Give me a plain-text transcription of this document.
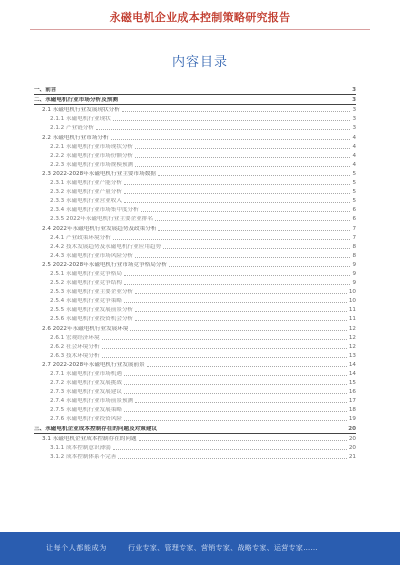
永磁电机企业成本控制策略研究报告
内容目录
一、前言	3
二、永磁电机行业市场分析及预测	3
2.1 永磁电机行业发展现状分析	3
2.1.1 永磁电机行业现状	3
2.1.2 产业链分析	3
2.2 永磁电机行业市场分析	4
2.2.1 永磁电机行业市场现状分析	4
2.2.2 永磁电机行业市场份额分析	4
2.2.3 永磁电机行业市场规模预测	4
2.3 2022-2028年永磁电机行业主要市场数据	5
2.3.1 永磁电机行业产能分析	5
2.3.2 永磁电机行业产量分析	5
2.3.3 永磁电机行业营业收入	5
2.3.4 永磁电机行业市场集中度分析	6
2.3.5 2022年永磁电机行业主要企业排名	6
2.4 2022年永磁电机行业发展趋势及政策分析	7
2.4.1 产业政策环境分析	7
2.4.2 技术发展趋势及永磁电机行业应用趋势	8
2.4.3 永磁电机行业市场风险分析	8
2.5 2022-2028年永磁电机行业市场竞争格局分析	9
2.5.1 永磁电机行业竞争格局	9
2.5.2 永磁电机行业竞争结构	9
2.5.3 永磁电机行业主要企业分析	10
2.5.4 永磁电机行业竞争策略	10
2.5.5 永磁电机行业发展前景分析	11
2.5.6 永磁电机行业投资机会分析	11
2.6 2022年永磁电机行业发展环境	12
2.6.1 宏观经济环境	12
2.6.2 社会环境分析	12
2.6.3 技术环境分析	13
2.7 2022-2028年永磁电机行业发展前景	14
2.7.1 永磁电机行业市场机遇	14
2.7.2 永磁电机行业发展挑战	15
2.7.3 永磁电机行业发展建议	16
2.7.4 永磁电机行业市场前景预测	17
2.7.5 永磁电机行业发展策略	18
2.7.6 永磁电机行业投资风险	19
三、永磁电机企业成本控制存在的问题及对策建议	20
3.1 永磁电机企业成本控制存在的问题	20
3.1.1 成本控制意识薄弱	20
3.1.2 成本控制体系不完善	21
让每个人都能成为	行业专家、管理专家、营销专家、战略专家、运营专家……
